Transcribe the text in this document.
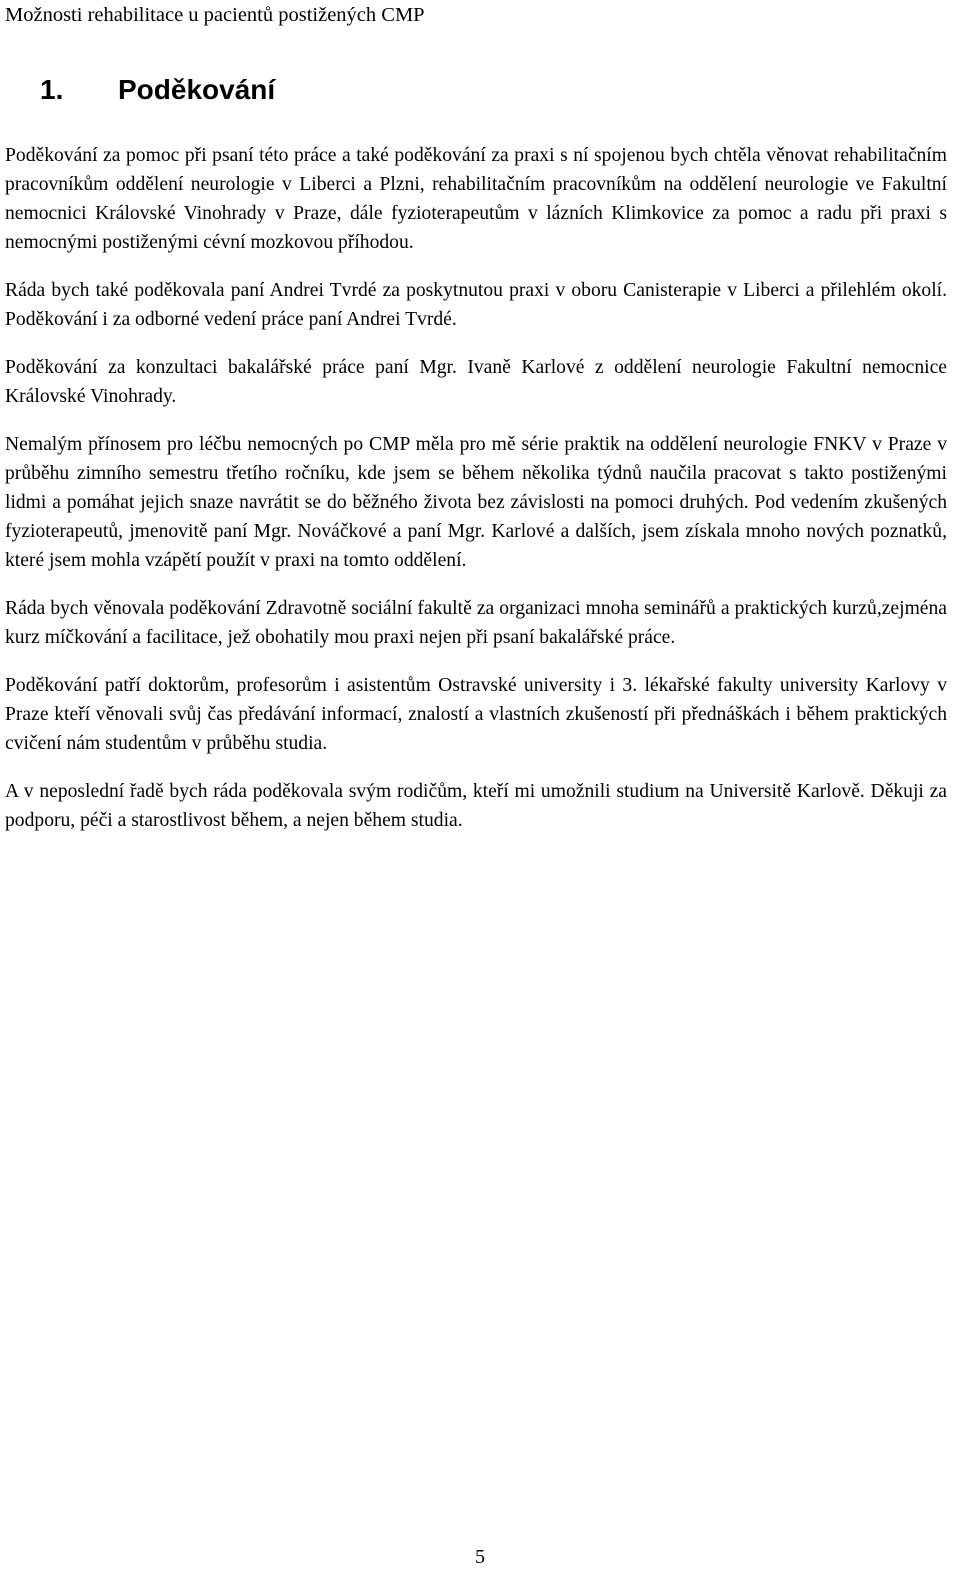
Možnosti rehabilitace u pacientů postižených CMP
1. Poděkování

Poděkování za pomoc při psaní této práce a také poděkování za praxi s ní spojenou bych chtěla věnovat rehabilitačním pracovníkům oddělení neurologie v Liberci a Plzni, rehabilitačním pracovníkům na oddělení neurologie ve Fakultní nemocnici Královské Vinohrady v Praze, dále fyzioterapeutům v lázních Klimkovice za pomoc a radu při praxi s nemocnými postiženými cévní mozkovou příhodou.

Ráda bych také poděkovala paní Andrei Tvrdé za poskytnutou praxi v oboru Canisterapie v Liberci a přilehlém okolí. Poděkování i za odborné vedení práce paní Andrei Tvrdé.

Poděkování za konzultaci bakalářské práce paní Mgr. Ivaně Karlové z oddělení neurologie Fakultní nemocnice Královské Vinohrady.

Nemalým přínosem pro léčbu nemocných po CMP měla pro mě série praktik na oddělení neurologie FNKV v Praze v průběhu zimního semestru třetího ročníku, kde jsem se během několika týdnů naučila pracovat s takto postiženými lidmi a pomáhat jejich snaze navrátit se do běžného života bez závislosti na pomoci druhých. Pod vedením zkušených fyzioterapeutů, jmenovitě paní Mgr. Nováčkové a paní Mgr. Karlové a dalších, jsem získala mnoho nových poznatků, které jsem mohla vzápětí použít v praxi na tomto oddělení.

Ráda bych věnovala poděkování Zdravotně sociální fakultě za organizaci mnoha seminářů a praktických kurzů,zejména kurz míčkování a facilitace, jež obohatily mou praxi nejen při psaní bakalářské práce.

Poděkování patří doktorům, profesorům i asistentům Ostravské university i 3. lékařské fakulty university Karlovy v Praze kteří věnovali svůj čas předávání informací, znalostí a vlastních zkušeností při přednáškách i během praktických cvičení nám studentům v průběhu studia.

A v neposlední řadě bych ráda poděkovala svým rodičům, kteří mi umožnili studium na Universitě Karlově. Děkuji za podporu, péči a starostlivost během, a nejen během studia.

5
